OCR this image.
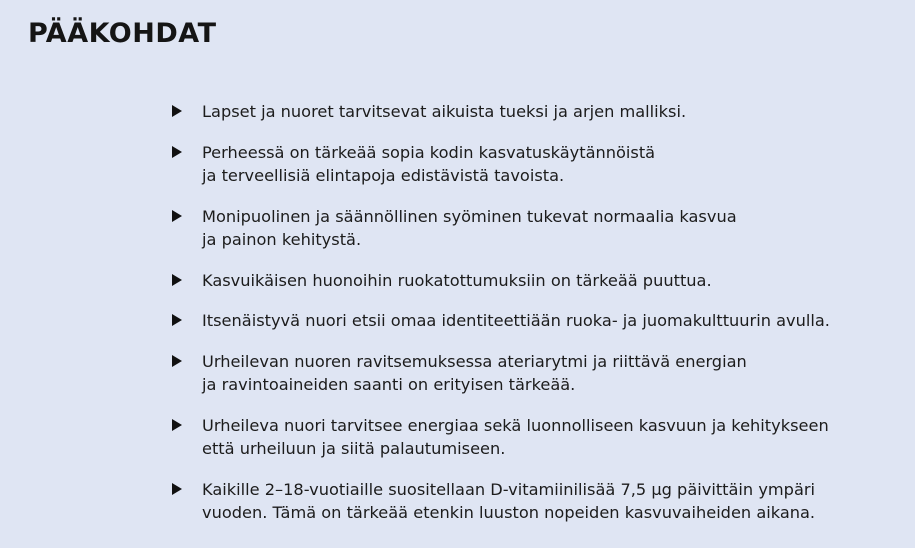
PÄÄKOHDAT
Lapset ja nuoret tarvitsevat aikuista tueksi ja arjen malliksi.
Perheessä on tärkeää sopia kodin kasvatuskäytännöistä
ja terveellisiä elintapoja edistävistä tavoista.
Monipuolinen ja säännöllinen syöminen tukevat normaalia kasvua
ja painon kehitystä.
Kasvuikäisen huonoihin ruokatottumuksiin on tärkeää puuttua.
Itsenäistyvä nuori etsii omaa identiteettiään ruoka- ja juomakulttuurin avulla.
Urheilevan nuoren ravitsemuksessa ateriarytmi ja riittävä energian
ja ravintoaineiden saanti on erityisen tärkeää.
Urheileva nuori tarvitsee energiaa sekä luonnolliseen kasvuun ja kehitykseen
että urheiluun ja siitä palautumiseen.
Kaikille 2–18-vuotiaille suositellaan D-vitamiinilisää 7,5 µg päivittäin ympäri
vuoden. Tämä on tärkeää etenkin luuston nopeiden kasvuvaiheiden aikana.
